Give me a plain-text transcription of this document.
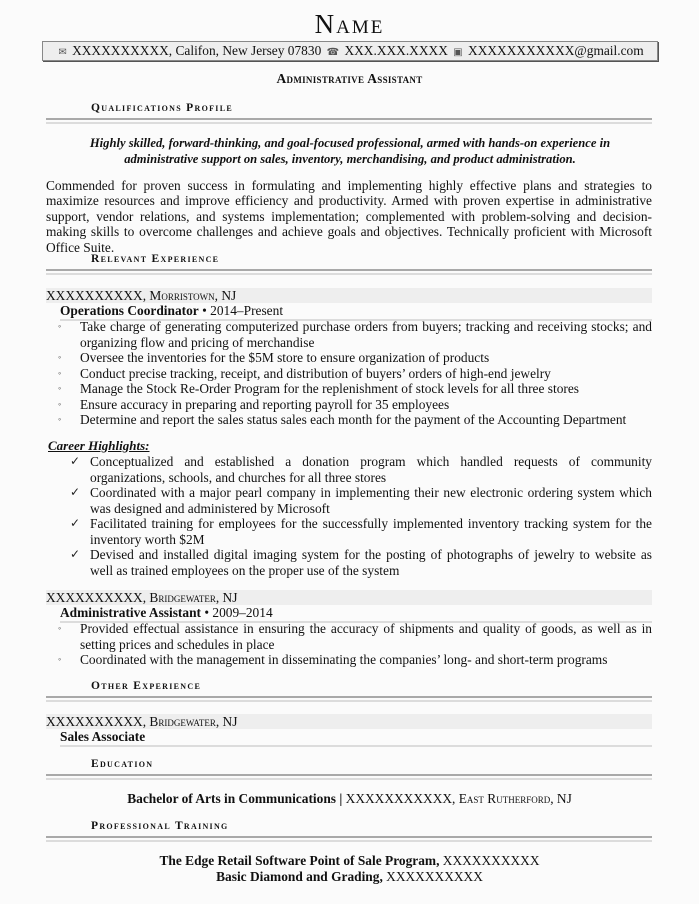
Name
✉ XXXXXXXXXX, Califon, New Jersey 07830 ☎ XXX.XXX.XXXX ▣ XXXXXXXXXXX@gmail.com
Administrative Assistant
Qualifications Profile
Highly skilled, forward-thinking, and goal-focused professional, armed with hands-on experience in administrative support on sales, inventory, merchandising, and product administration.
Commended for proven success in formulating and implementing highly effective plans and strategies to maximize resources and improve efficiency and productivity. Armed with proven expertise in administrative support, vendor relations, and systems implementation; complemented with problem-solving and decision-making skills to overcome challenges and achieve goals and objectives. Technically proficient with Microsoft Office Suite.
Relevant Experience
XXXXXXXXXX, Morristown, NJ
Operations Coordinator • 2014–Present
◦ Take charge of generating computerized purchase orders from buyers; tracking and receiving stocks; and organizing flow and pricing of merchandise
◦ Oversee the inventories for the $5M store to ensure organization of products
◦ Conduct precise tracking, receipt, and distribution of buyers’ orders of high-end jewelry
◦ Manage the Stock Re-Order Program for the replenishment of stock levels for all three stores
◦ Ensure accuracy in preparing and reporting payroll for 35 employees
◦ Determine and report the sales status sales each month for the payment of the Accounting Department
Career Highlights:
✓ Conceptualized and established a donation program which handled requests of community organizations, schools, and churches for all three stores
✓ Coordinated with a major pearl company in implementing their new electronic ordering system which was designed and administered by Microsoft
✓ Facilitated training for employees for the successfully implemented inventory tracking system for the inventory worth $2M
✓ Devised and installed digital imaging system for the posting of photographs of jewelry to website as well as trained employees on the proper use of the system
XXXXXXXXXX, Bridgewater, NJ
Administrative Assistant • 2009–2014
◦ Provided effectual assistance in ensuring the accuracy of shipments and quality of goods, as well as in setting prices and schedules in place
◦ Coordinated with the management in disseminating the companies’ long- and short-term programs
Other Experience
XXXXXXXXXX, Bridgewater, NJ
Sales Associate
Education
Bachelor of Arts in Communications | XXXXXXXXXXX, East Rutherford, NJ
Professional Training
The Edge Retail Software Point of Sale Program, XXXXXXXXXX
Basic Diamond and Grading, XXXXXXXXXX
